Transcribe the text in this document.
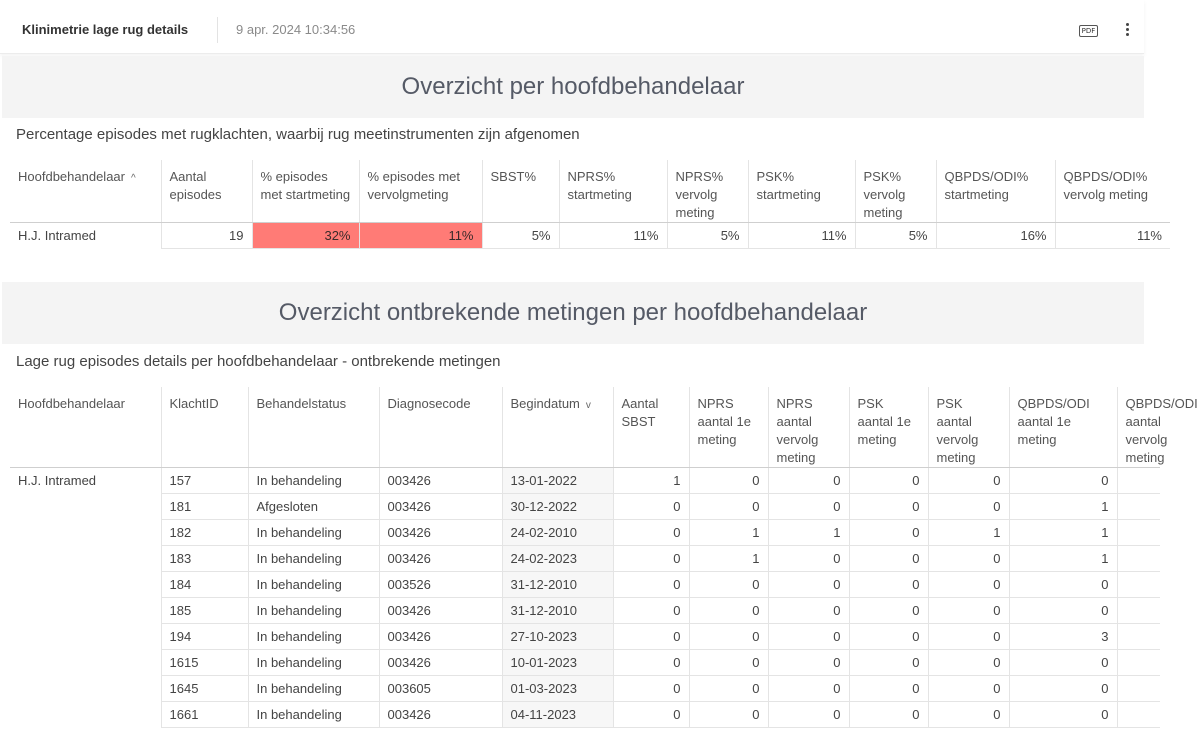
Klinimetrie lage rug details	9 apr. 2024 10:34:56	PDF
Overzicht per hoofdbehandelaar
Percentage episodes met rugklachten, waarbij rug meetinstrumenten zijn afgenomen
Hoofdbehandelaar ^	Aantal episodes	% episodes met startmeting	% episodes met vervolgmeting	SBST%	NPRS% startmeting	NPRS% vervolg meting	PSK% startmeting	PSK% vervolg meting	QBPDS/ODI% startmeting	QBPDS/ODI% vervolg meting
H.J. Intramed	19	32%	11%	5%	11%	5%	11%	5%	16%	11%
Overzicht ontbrekende metingen per hoofdbehandelaar
Lage rug episodes details per hoofdbehandelaar - ontbrekende metingen
Hoofdbehandelaar	KlachtID	Behandelstatus	Diagnosecode	Begindatum v	Aantal SBST	NPRS aantal 1e meting	NPRS aantal vervolg meting	PSK aantal 1e meting	PSK aantal vervolg meting	QBPDS/ODI aantal 1e meting	QBPDS/ODI aantal vervolg meting
H.J. Intramed	157	In behandeling	003426	13-01-2022	1	0	0	0	0	0	
	181	Afgesloten	003426	30-12-2022	0	0	0	0	0	1	
	182	In behandeling	003426	24-02-2010	0	1	1	0	1	1	
	183	In behandeling	003426	24-02-2023	0	1	0	0	0	1	
	184	In behandeling	003526	31-12-2010	0	0	0	0	0	0	
	185	In behandeling	003426	31-12-2010	0	0	0	0	0	0	
	194	In behandeling	003426	27-10-2023	0	0	0	0	0	3	
	1615	In behandeling	003426	10-01-2023	0	0	0	0	0	0	
	1645	In behandeling	003605	01-03-2023	0	0	0	0	0	0	
	1661	In behandeling	003426	04-11-2023	0	0	0	0	0	0	
